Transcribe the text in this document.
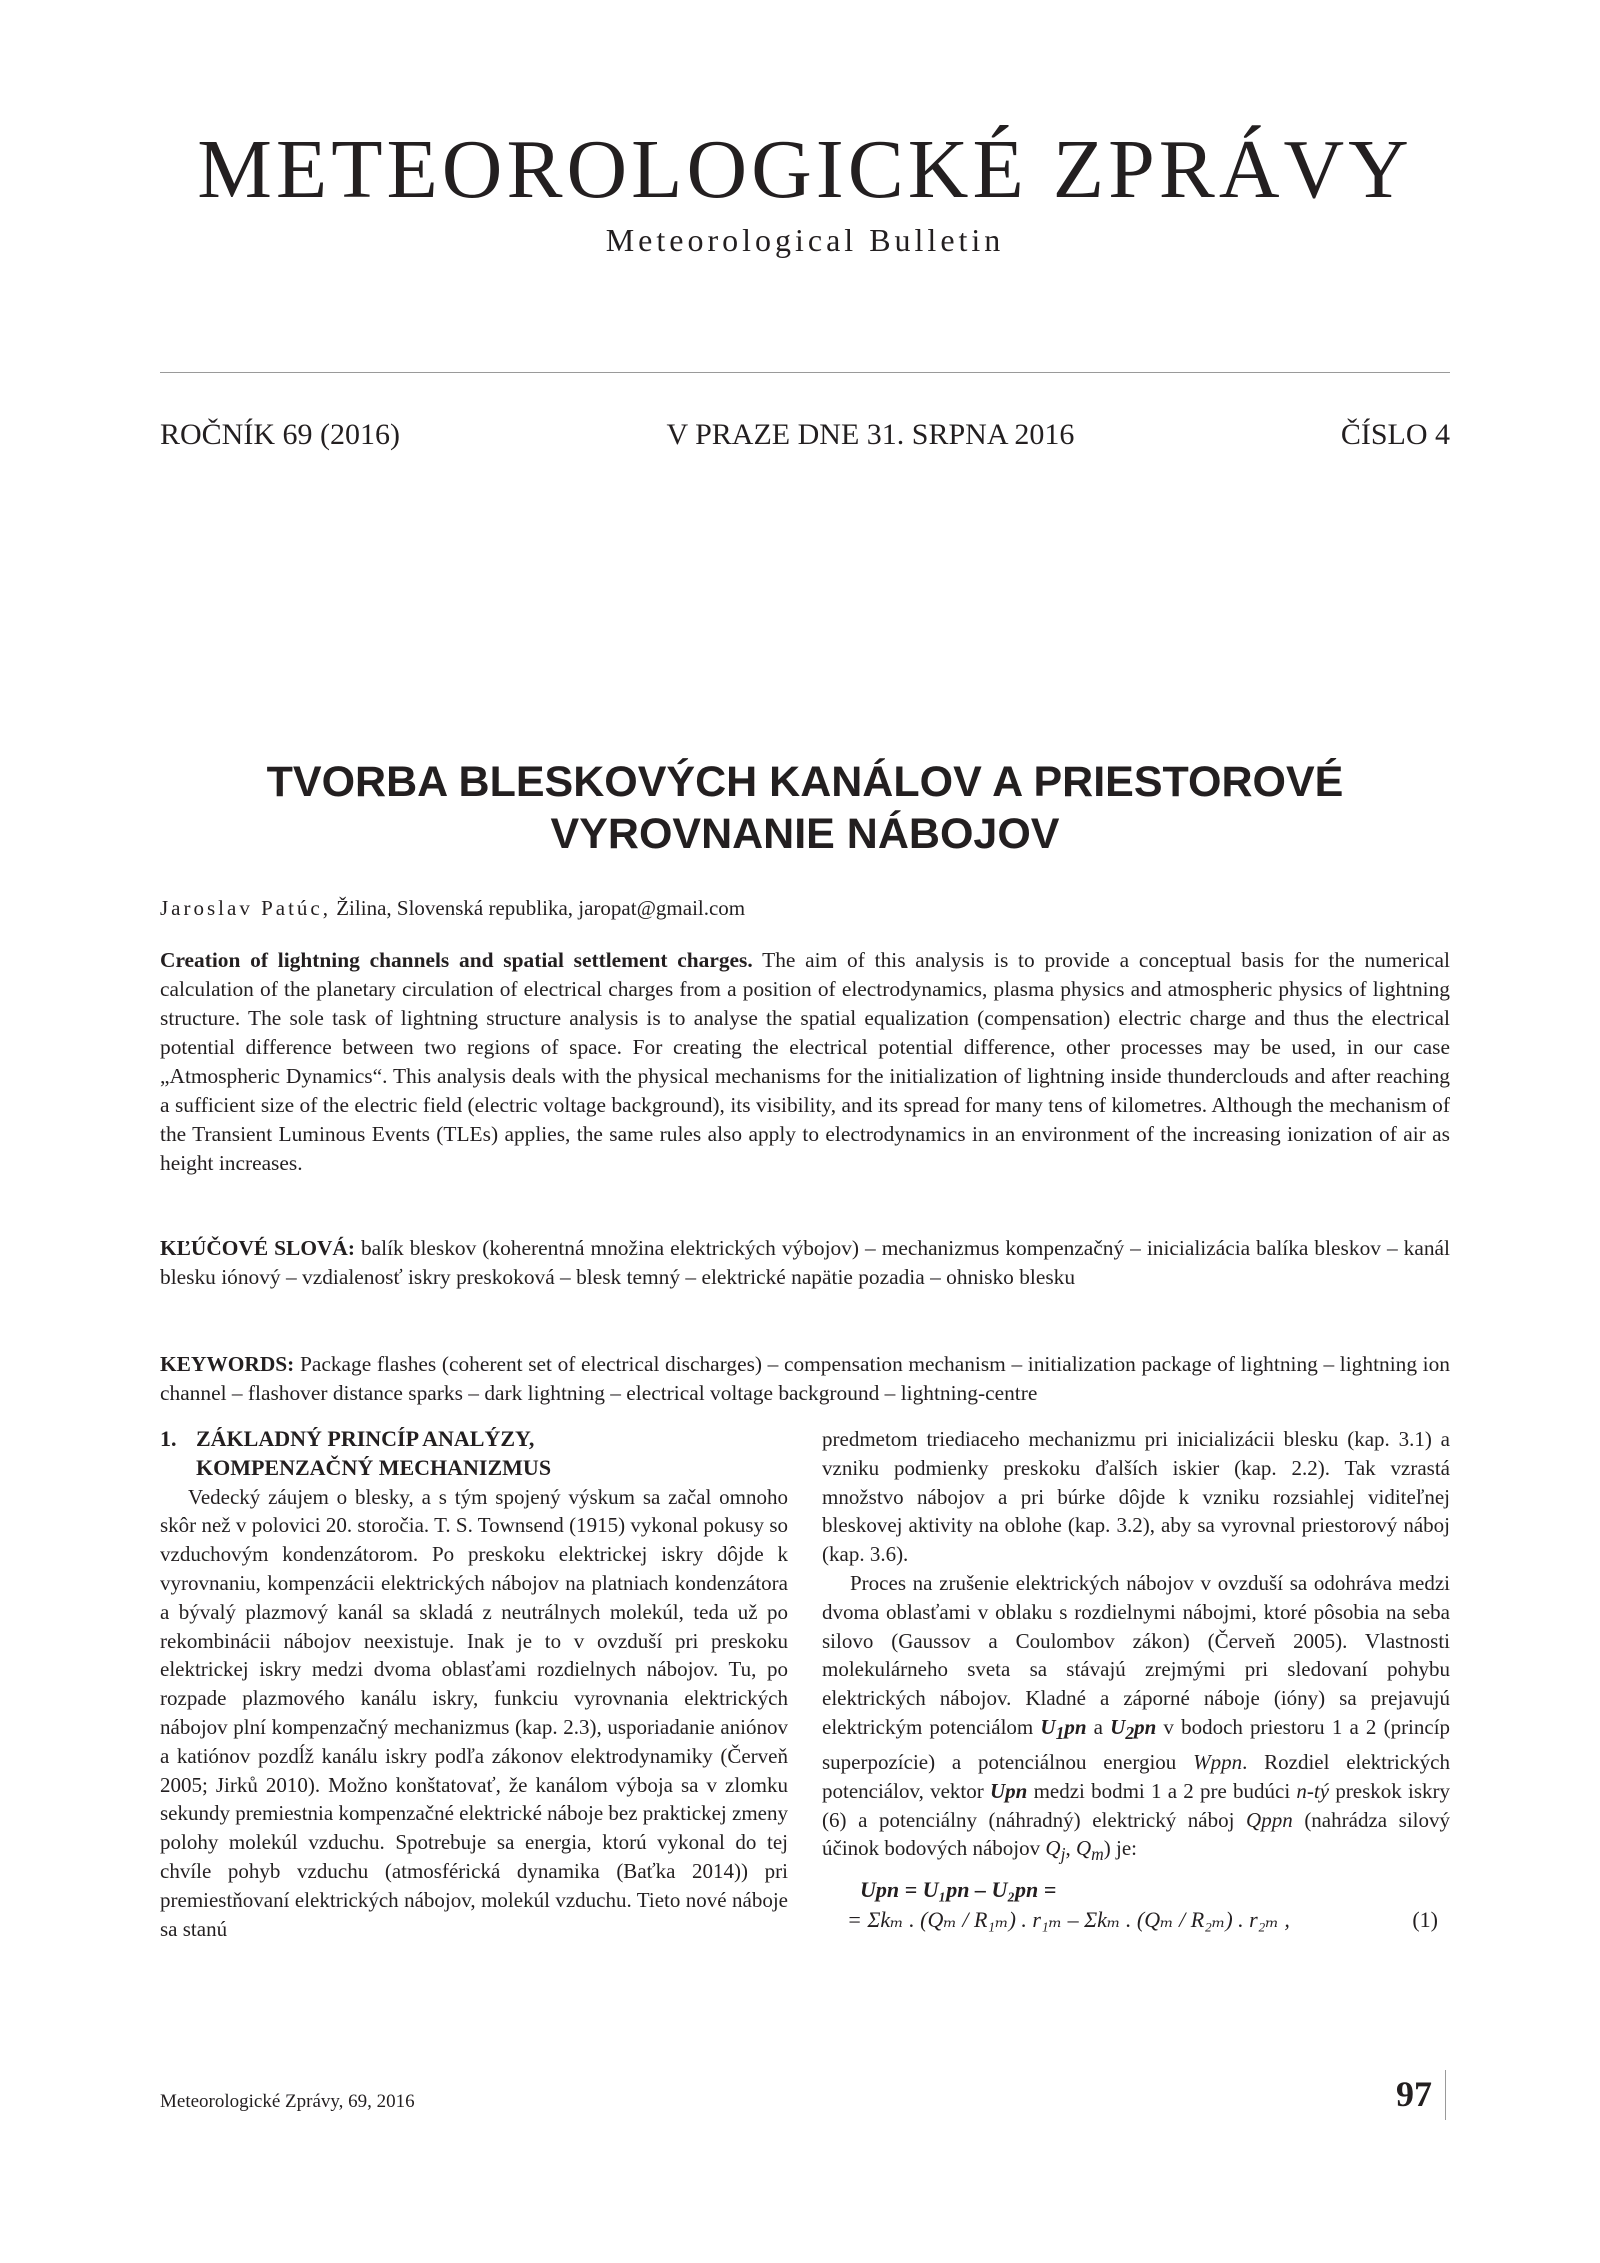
METEOROLOGICKÉ ZPRÁVY
Meteorological Bulletin
ROČNÍK 69 (2016)	V PRAZE DNE 31. SRPNA 2016	ČÍSLO 4
TVORBA BLESKOVÝCH KANÁLOV A PRIESTOROVÉ VYROVNANIE NÁBOJOV
Jaroslav Patúc, Žilina, Slovenská republika, jaropat@gmail.com

Creation of lightning channels and spatial settlement charges. The aim of this analysis is to provide a conceptual basis for the numerical calculation of the planetary circulation of electrical charges from a position of electrodynamics, plasma physics and atmospheric physics of lightning structure. The sole task of lightning structure analysis is to analyse the spatial equalization (compensation) electric charge and thus the electrical potential difference between two regions of space. For creating the electrical potential difference, other processes may be used, in our case „Atmospheric Dynamics“. This analysis deals with the physical mechanisms for the initialization of lightning inside thunderclouds and after reaching a sufficient size of the electric field (electric voltage background), its visibility, and its spread for many tens of kilometres. Although the mechanism of the Transient Luminous Events (TLEs) applies, the same rules also apply to electrodynamics in an environment of the increasing ionization of air as height increases.

KĽÚČOVÉ SLOVÁ: balík bleskov (koherentná množina elektrických výbojov) – mechanizmus kompenzačný – inicializácia balíka bleskov – kanál blesku iónový – vzdialenosť iskry preskoková – blesk temný – elektrické napätie pozadia – ohnisko blesku

KEYWORDS: Package flashes (coherent set of electrical discharges) – compensation mechanism – initialization package of lightning – lightning ion channel – flashover distance sparks – dark lightning – electrical voltage background – lightning-centre

1. ZÁKLADNÝ PRINCÍP ANALÝZY,
KOMPENZAČNÝ MECHANIZMUS

Vedecký záujem o blesky, a s tým spojený výskum sa začal omnoho skôr než v polovici 20. storočia. T. S. Townsend (1915) vykonal pokusy so vzduchovým kondenzátorom. Po preskoku elektrickej iskry dôjde k vyrovnaniu, kompenzácii elektrických nábojov na platniach kondenzátora a bývalý plazmový kanál sa skladá z neutrálnych molekúl, teda už po rekombinácii nábojov neexistuje. Inak je to v ovzduší pri preskoku elektrickej iskry medzi dvoma oblasťami rozdielnych nábojov. Tu, po rozpade plazmového kanálu iskry, funkciu vyrovnania elektrických nábojov plní kompenzačný mechanizmus (kap. 2.3), usporiadanie aniónov a katiónov pozdĺž kanálu iskry podľa zákonov elektrodynamiky (Červeň 2005; Jirků 2010). Možno konštatovať, že kanálom výboja sa v zlomku sekundy premiestnia kompenzačné elektrické náboje bez praktickej zmeny polohy molekúl vzduchu. Spotrebuje sa energia, ktorú vykonal do tej chvíle pohyb vzduchu (atmosférická dynamika (Baťka 2014)) pri premiestňovaní elektrických nábojov, molekúl vzduchu. Tieto nové náboje sa stanú

predmetom triediaceho mechanizmu pri inicializácii blesku (kap. 3.1) a vzniku podmienky preskoku ďalších iskier (kap. 2.2). Tak vzrastá množstvo nábojov a pri búrke dôjde k vzniku rozsiahlej viditeľnej bleskovej aktivity na oblohe (kap. 3.2), aby sa vyrovnal priestorový náboj (kap. 3.6).

Proces na zrušenie elektrických nábojov v ovzduší sa odohráva medzi dvoma oblasťami v oblaku s rozdielnymi nábojmi, ktoré pôsobia na seba silovo (Gaussov a Coulombov zákon) (Červeň 2005). Vlastnosti molekulárneho sveta sa stávajú zrejmými pri sledovaní pohybu elektrických nábojov. Kladné a záporné náboje (ióny) sa prejavujú elektrickým potenciálom $U_1pn$ a $U_2pn$ v bodoch priestoru 1 a 2 (princíp superpozície) a potenciálnou energiou Wppn. Rozdiel elektrických potenciálov, vektor Upn medzi bodmi 1 a 2 pre budúci n-tý preskok iskry (6) a potenciálny (náhradný) elektrický náboj Qppn (nahrádza silový účinok bodových nábojov $Q_j$, $Q_m$) je:

Upn = U₁pn – U₂pn =
= Σkₘ . (Qₘ / R₁ₘ) . r₁ₘ – Σkₘ . (Qₘ / R₂ₘ) . r₂ₘ ,	(1)
Meteorologické Zprávy, 69, 2016	97
